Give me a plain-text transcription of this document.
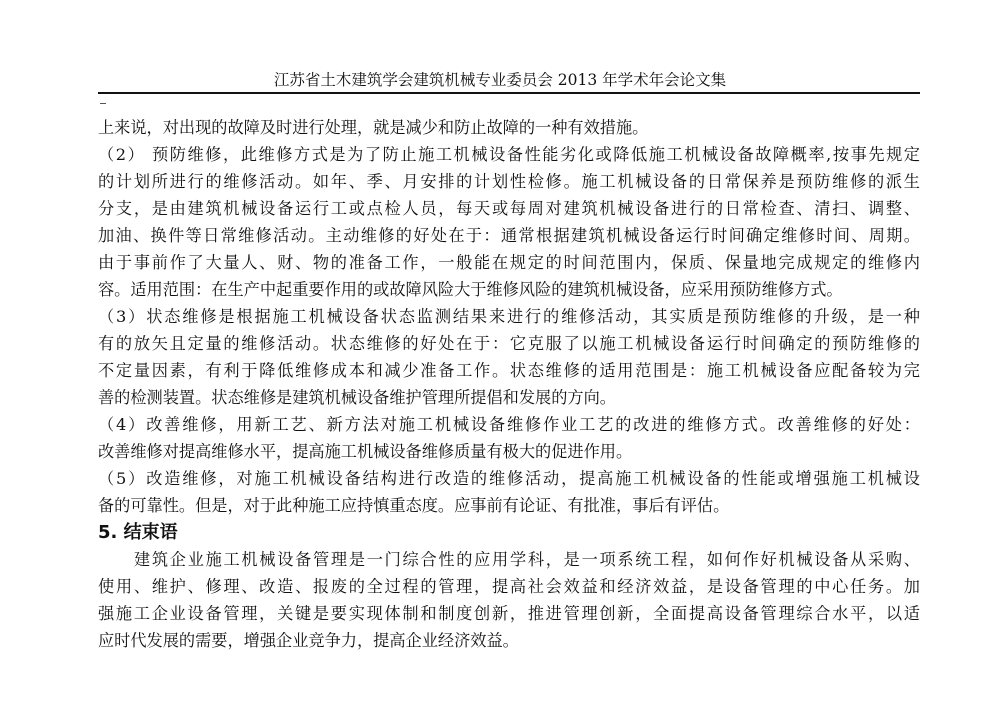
江苏省土木建筑学会建筑机械专业委员会 2013 年学术年会论文集
上来说，对出现的故障及时进行处理，就是减少和防止故障的一种有效措施。
（2） 预防维修，此维修方式是为了防止施工机械设备性能劣化或降低施工机械设备故障概率,按事先规定
的计划所进行的维修活动。如年、季、月安排的计划性检修。施工机械设备的日常保养是预防维修的派生
分支，是由建筑机械设备运行工或点检人员，每天或每周对建筑机械设备进行的日常检查、清扫、调整、
加油、换件等日常维修活动。主动维修的好处在于：通常根据建筑机械设备运行时间确定维修时间、周期。
由于事前作了大量人、财、物的准备工作，一般能在规定的时间范围内，保质、保量地完成规定的维修内
容。适用范围：在生产中起重要作用的或故障风险大于维修风险的建筑机械设备，应采用预防维修方式。
（3）状态维修是根据施工机械设备状态监测结果来进行的维修活动，其实质是预防维修的升级，是一种
有的放矢且定量的维修活动。状态维修的好处在于：它克服了以施工机械设备运行时间确定的预防维修的
不定量因素，有利于降低维修成本和减少准备工作。状态维修的适用范围是：施工机械设备应配备较为完
善的检测装置。状态维修是建筑机械设备维护管理所提倡和发展的方向。
（4）改善维修，用新工艺、新方法对施工机械设备维修作业工艺的改进的维修方式。改善维修的好处：
改善维修对提高维修水平，提高施工机械设备维修质量有极大的促进作用。
（5）改造维修，对施工机械设备结构进行改造的维修活动，提高施工机械设备的性能或增强施工机械设
备的可靠性。但是，对于此种施工应持慎重态度。应事前有论证、有批准，事后有评估。
5. 结束语
建筑企业施工机械设备管理是一门综合性的应用学科，是一项系统工程，如何作好机械设备从采购、
使用、维护、修理、改造、报废的全过程的管理，提高社会效益和经济效益，是设备管理的中心任务。加
强施工企业设备管理，关键是要实现体制和制度创新，推进管理创新，全面提高设备管理综合水平，以适
应时代发展的需要，增强企业竞争力，提高企业经济效益。
